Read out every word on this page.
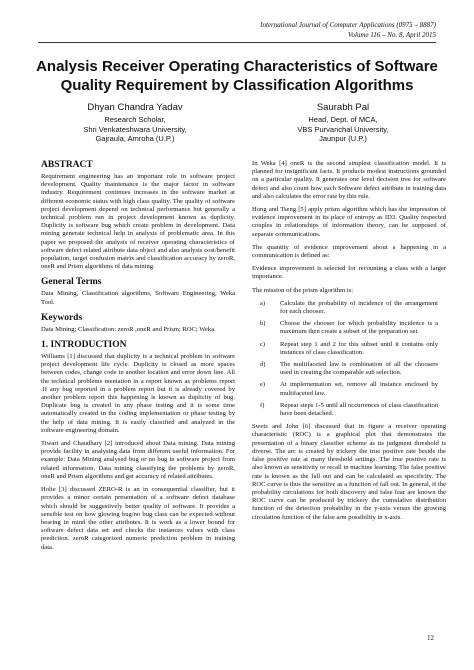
International Journal of Computer Applications (0975 – 8887)
Volume 116 – No. 8, April 2015
Analysis Receiver Operating Characteristics of Software
Quality Requirement by Classification Algorithms
Dhyan Chandra Yadav
Research Scholar,
Shri Venkateshwara University,
Gajraula, Amroha (U.P.)
Saurabh Pal
Head, Dept. of MCA,
VBS Purvanchal University,
Jaunpur (U.P.)
ABSTRACT

Requirement engineering has an important role in software project development. Quality maintenance is the major factor in software industry. Requirement continues increases in the software market at different economic status with high class quality. The quality of software project development depend on technical performance but generally a technical problem run in project development known as duplicity. Duplicity is software bug which create problem in development. Data mining generate technical help in analysis of problematic area. In this paper we proposed the analysis of receiver operating characteristics of software defect related attribute data object and also analysis cost/benefit population, target confusion matrix and classification accuracy by zeroR, oneR and Prism algorithms of data mining.

General Terms

Data Mining, Classification algorithms, Software Engineering, Weka Tool.

Keywords

Data Mining; Classification: zeroR ,oneR and Prism; ROC; Weka.

1. INTRODUCTION

Williams [1] discussed that duplicity is a technical problem in software project development life cycle. Duplicity is closed as more spaces between codes, change code in another location and error down line. All the technical problems mentation in a report known as problems report .If any bug reported in a problem report but it is already covered by another problem report this happening is known as duplicity of bug. Duplicate bug is created in any phase testing and it is some time automatically created in the coding implementation or phase testing by the help of data mining. It is easily classified and analyzed in the software engineering domain.

Tiwari and Chaudhary [2] introduced about Data mining. Data mining provide facility in analysing data from different useful information. For example: Data Mining analysed bug or no bug in software project from related information. Data mining classifying the problems by zeroR, oneR and Prism algorithms and get accuracy of related attributes.

Holte [3] discussed ZERO-R is an in consequential classifier, but it provides a minor certain presentation of a software defect database which should be suggestively better quality of software. It provides a sensible test on how glowing bug/no bug class can be expected without bearing in mind the other attributes. It is work as a lower bound for software defect data set and checks the instances values with class prediction. zeroR categorized numeric prediction problem in training data.

In Weka [4] oneR is the second simplest classification model. It is planned for insignificant facts. It products modest instructions grounded on a particular quality. It generates one level decision tree for software defect and also count how each Software defect attribute in training data and also calculates the error rate by this rule.

Hong and Tseng [5] apply prism algorithm which has the impression of evidence improvement in its place of entropy as ID3. Quality respected couples in relationships of information theory, can be supposed of separate communications.

The quantity of evidence improvement about a happening in a communication is defined as:

Evidence improvement is selected for recounting a class with a larger importance.

The mission of the prism algorithm is:

a)	Calculate the probability of incidence of the arrangement for each chooser.
b)	Choose the chooser for which probability incidence is a maximum then create a subset of the preparation set
c)	Repeat step 1 and 2 for this subset until it contains only instances of class classification.
d)	The multifaceted law is combination of all the choosers used in creating the comparable sub selection.
e)	At implementation set, remove all instance enclosed by multifaceted law.
f)	Repeat steps 1-5 until all occurrences of class classification have been detached.

Swets and John [6] discussed that in figure a receiver operating characteristic (ROC) is a graphical plot that demonstrates the presentation of a binary classifier scheme as its judgment threshold is diverse. The arc is created by trickery the true positive rate beside the false positive rate at many threshold settings. The true positive rate is also known as sensitivity or recall in machine learning. The false positive rate is known as the fall out and can be calculated as specificity. The ROC curve is thus the sensitive as a function of fall out. In general, if the probability circulations for both discovery and false fear are known the ROC curve can be produced by trickery the cumulative distribution function of the detection probability in the y-axis versus the growing circulation function of the false arm possibility in x-axis.

12
